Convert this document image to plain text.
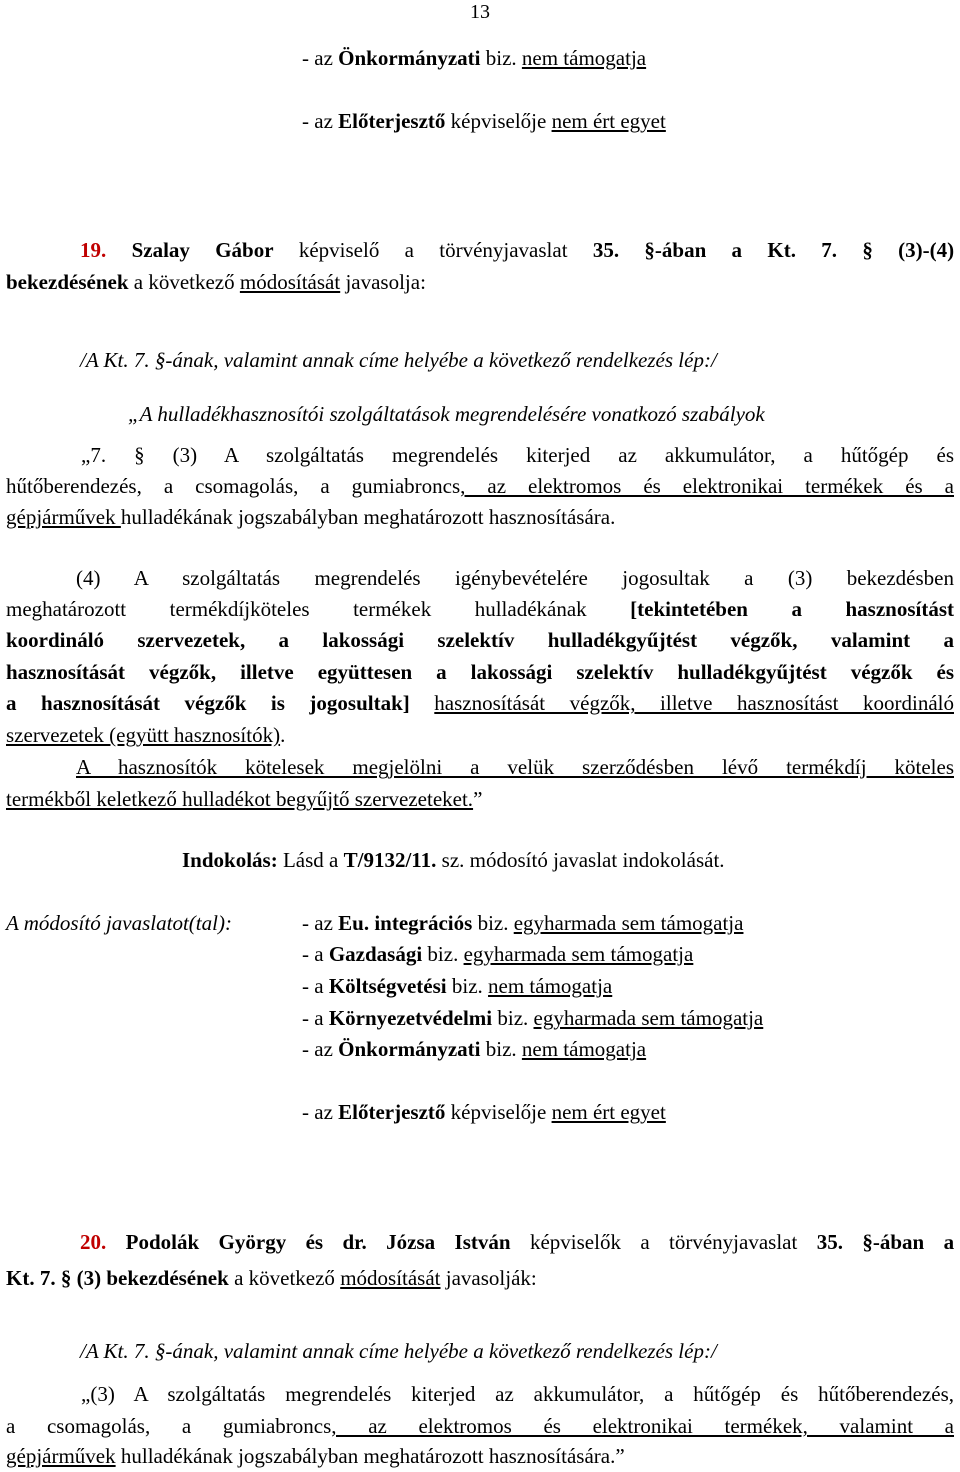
13
- az Önkormányzati biz. nem támogatja
- az Előterjesztő képviselője nem ért egyet
19. Szalay Gábor képviselő a törvényjavaslat 35. §-ában a Kt. 7. § (3)-(4)
bekezdésének a következő módosítását javasolja:
/A Kt. 7. §-ának, valamint annak címe helyébe a következő rendelkezés lép:/
„A hulladékhasznosítói szolgáltatások megrendelésére vonatkozó szabályok
„7. § (3) A szolgáltatás megrendelés kiterjed az akkumulátor, a hűtőgép és
hűtőberendezés, a csomagolás, a gumiabroncs, az elektromos és elektronikai termékek és a
gépjárművek hulladékának jogszabályban meghatározott hasznosítására.
(4) A szolgáltatás megrendelés igénybevételére jogosultak a (3) bekezdésben
meghatározott termékdíjköteles termékek hulladékának [tekintetében a hasznosítást
koordináló szervezetek, a lakossági szelektív hulladékgyűjtést végzők, valamint a
hasznosítását végzők, illetve együttesen a lakossági szelektív hulladékgyűjtést végzők és
a hasznosítását végzők is jogosultak] hasznosítását végzők, illetve hasznosítást koordináló
szervezetek (együtt hasznosítók).
A hasznosítók kötelesek megjelölni a velük szerződésben lévő termékdíj köteles
termékből keletkező hulladékot begyűjtő szervezeteket.”
Indokolás: Lásd a T/9132/11. sz. módosító javaslat indokolását.
A módosító javaslatot(tal):	- az Eu. integrációs biz. egyharmada sem támogatja
- a Gazdasági biz. egyharmada sem támogatja
- a Költségvetési biz. nem támogatja
- a Környezetvédelmi biz. egyharmada sem támogatja
- az Önkormányzati biz. nem támogatja
- az Előterjesztő képviselője nem ért egyet
20. Podolák György és dr. Józsa István képviselők a törvényjavaslat 35. §-ában a
Kt. 7. § (3) bekezdésének a következő módosítását javasolják:
/A Kt. 7. §-ának, valamint annak címe helyébe a következő rendelkezés lép:/
„(3) A szolgáltatás megrendelés kiterjed az akkumulátor, a hűtőgép és hűtőberendezés,
a csomagolás, a gumiabroncs, az elektromos és elektronikai termékek, valamint a
gépjárművek hulladékának jogszabályban meghatározott hasznosítására.”
